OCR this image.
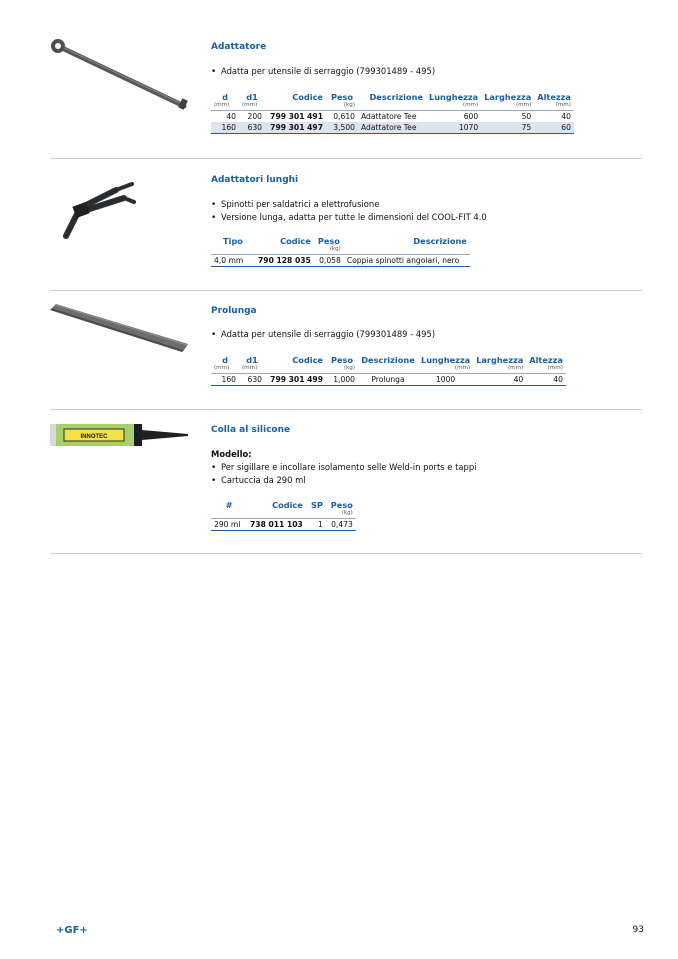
Adattatore
• Adatta per utensile di serraggio (799301489 - 495)
d	d1	Codice	Peso	Descrizione	Lunghezza	Larghezza	Altezza
(mm)	(mm)		(kg)		(mm)	(mm)	(mm)
40	200	799 301 491	0,610	Adattatore Tee	600	50	40
160	630	799 301 497	3,500	Adattatore Tee	1070	75	60
Adattatori lunghi
• Spinotti per saldatrici a elettrofusione
• Versione lunga, adatta per tutte le dimensioni del COOL-FIT 4.0
Tipo	Codice	Peso	Descrizione
		(kg)	
4,0 mm	790 128 035	0,058	Coppia spinotti angolari, nero
Prolunga
• Adatta per utensile di serraggio (799301489 - 495)
d	d1	Codice	Peso	Descrizione	Lunghezza	Larghezza	Altezza
(mm)	(mm)		(kg)		(mm)	(mm)	(mm)
160	630	799 301 499	1,000	Prolunga	1000	40	40
INNOTEC
Colla al silicone
Modello:
• Per sigillare e incollare isolamento selle Weld-in ports e tappi
• Cartuccia da 290 ml
#	Codice	SP	Peso
			(kg)
290 ml	738 011 103	1	0,473
+GF+	93
